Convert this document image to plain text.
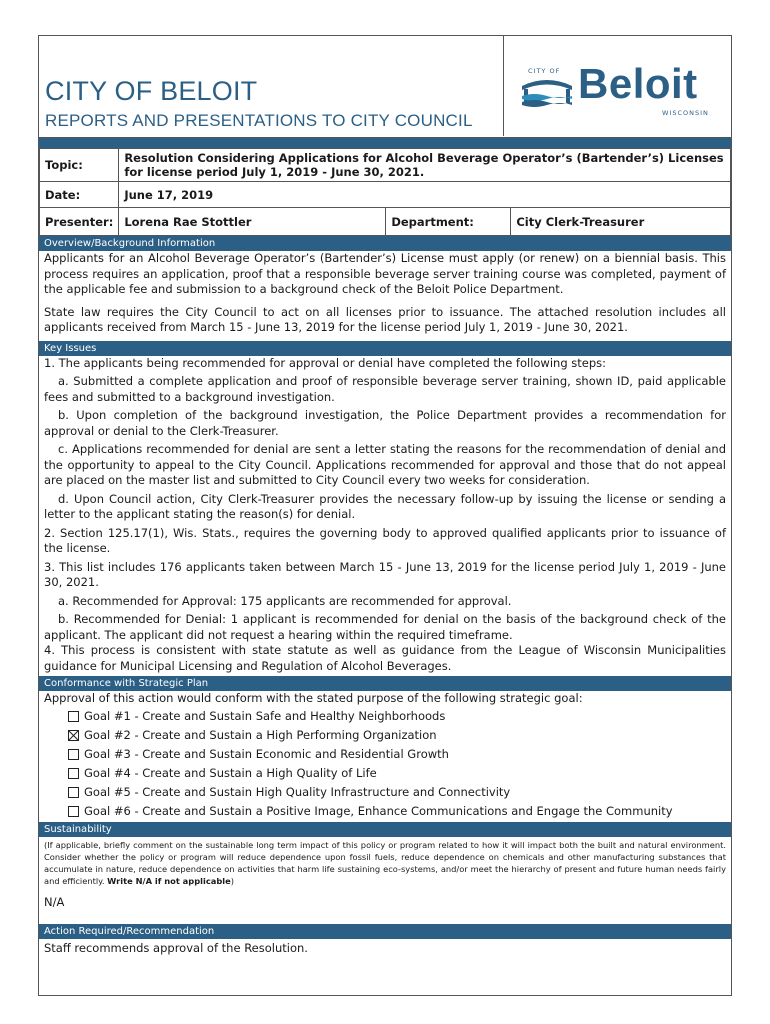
CITY OF BELOIT
REPORTS AND PRESENTATIONS TO CITY COUNCIL
CITY OF Beloit
WISCONSIN
Topic:	Resolution Considering Applications for Alcohol Beverage Operator’s (Bartender’s) Licenses for license period July 1, 2019 - June 30, 2021.		
Date:	June 17, 2019		
Presenter:	Lorena Rae Stottler	Department:	City Clerk-Treasurer
Overview/Background Information

Applicants for an Alcohol Beverage Operator’s (Bartender’s) License must apply (or renew) on a biennial basis. This process requires an application, proof that a responsible beverage server training course was completed, payment of the applicable fee and submission to a background check of the Beloit Police Department.

State law requires the City Council to act on all licenses prior to issuance. The attached resolution includes all applicants received from March 15 - June 13, 2019 for the license period July 1, 2019 - June 30, 2021.

Key Issues

1. The applicants being recommended for approval or denial have completed the following steps:

a. Submitted a complete application and proof of responsible beverage server training, shown ID, paid applicable fees and submitted to a background investigation.

b. Upon completion of the background investigation, the Police Department provides a recommendation for approval or denial to the Clerk-Treasurer.

c. Applications recommended for denial are sent a letter stating the reasons for the recommendation of denial and the opportunity to appeal to the City Council. Applications recommended for approval and those that do not appeal are placed on the master list and submitted to City Council every two weeks for consideration.

d. Upon Council action, City Clerk-Treasurer provides the necessary follow-up by issuing the license or sending a letter to the applicant stating the reason(s) for denial.

2. Section 125.17(1), Wis. Stats., requires the governing body to approved qualified applicants prior to issuance of the license.

3. This list includes 176 applicants taken between March 15 - June 13, 2019 for the license period July 1, 2019 - June 30, 2021.

a. Recommended for Approval: 175 applicants are recommended for approval.

b. Recommended for Denial: 1 applicant is recommended for denial on the basis of the background check of the applicant. The applicant did not request a hearing within the required timeframe.

4. This process is consistent with state statute as well as guidance from the League of Wisconsin Municipalities guidance for Municipal Licensing and Regulation of Alcohol Beverages.

Conformance with Strategic Plan
Approval of this action would conform with the stated purpose of the following strategic goal:
Goal #1 - Create and Sustain Safe and Healthy Neighborhoods
Goal #2 - Create and Sustain a High Performing Organization
Goal #3 - Create and Sustain Economic and Residential Growth
Goal #4 - Create and Sustain a High Quality of Life
Goal #5 - Create and Sustain High Quality Infrastructure and Connectivity
Goal #6 - Create and Sustain a Positive Image, Enhance Communications and Engage the Community
Sustainability
(If applicable, briefly comment on the sustainable long term impact of this policy or program related to how it will impact both the built and natural environment. Consider whether the policy or program will reduce dependence upon fossil fuels, reduce dependence on chemicals and other manufacturing substances that accumulate in nature, reduce dependence on activities that harm life sustaining eco-systems, and/or meet the hierarchy of present and future human needs fairly and efficiently. Write N/A if not applicable)
N/A
Action Required/Recommendation
Staff recommends approval of the Resolution.
